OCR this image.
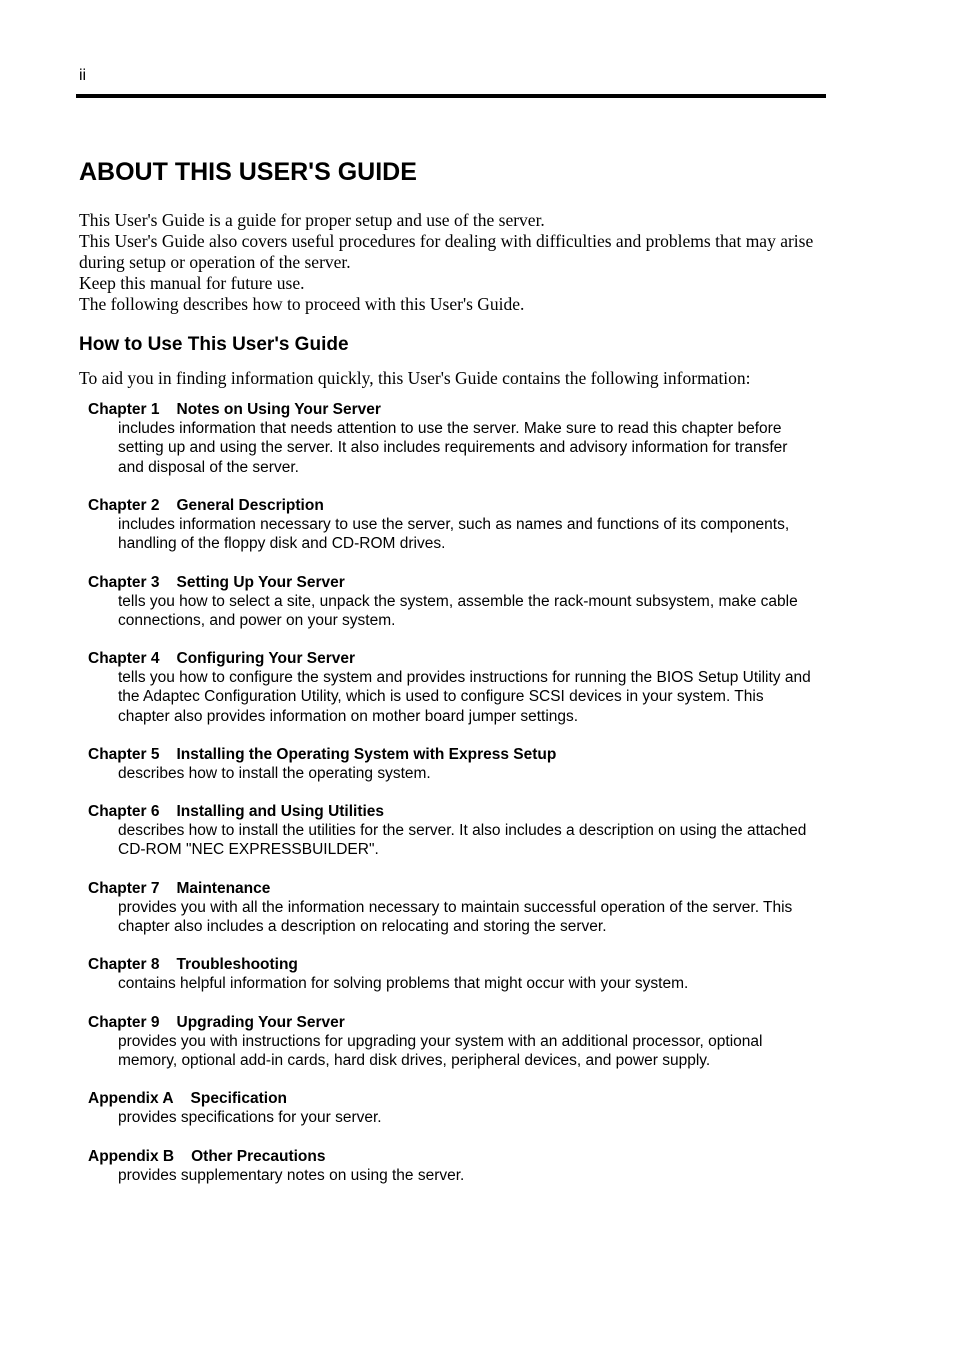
ii
ABOUT THIS USER'S GUIDE

This User's Guide is a guide for proper setup and use of the server.

This User's Guide also covers useful procedures for dealing with difficulties and problems that may arise during setup or operation of the server.

Keep this manual for future use.

The following describes how to proceed with this User's Guide.

How to Use This User's Guide

To aid you in finding information quickly, this User's Guide contains the following information:

Chapter 1 Notes on Using Your Server

includes information that needs attention to use the server. Make sure to read this chapter before setting up and using the server. It also includes requirements and advisory information for transfer and disposal of the server.

Chapter 2 General Description

includes information necessary to use the server, such as names and functions of its components, handling of the floppy disk and CD-ROM drives.

Chapter 3 Setting Up Your Server

tells you how to select a site, unpack the system, assemble the rack-mount subsystem, make cable connections, and power on your system.

Chapter 4 Configuring Your Server

tells you how to configure the system and provides instructions for running the BIOS Setup Utility and the Adaptec Configuration Utility, which is used to configure SCSI devices in your system. This chapter also provides information on mother board jumper settings.

Chapter 5 Installing the Operating System with Express Setup

describes how to install the operating system.

Chapter 6 Installing and Using Utilities

describes how to install the utilities for the server. It also includes a description on using the attached CD-ROM "NEC EXPRESSBUILDER".

Chapter 7 Maintenance

provides you with all the information necessary to maintain successful operation of the server. This chapter also includes a description on relocating and storing the server.

Chapter 8 Troubleshooting

contains helpful information for solving problems that might occur with your system.

Chapter 9 Upgrading Your Server

provides you with instructions for upgrading your system with an additional processor, optional memory, optional add-in cards, hard disk drives, peripheral devices, and power supply.

Appendix A Specification

provides specifications for your server.

Appendix B Other Precautions

provides supplementary notes on using the server.
